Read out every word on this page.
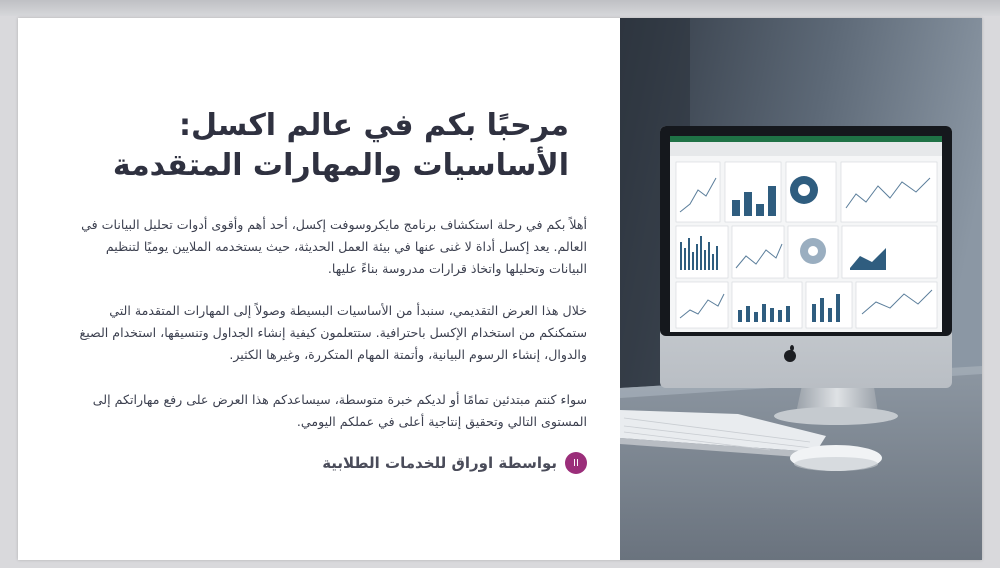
مرحبًا بكم في عالم اكسل:
الأساسيات والمهارات المتقدمة

أهلاً بكم في رحلة استكشاف برنامج مايكروسوفت إكسل، أحد أهم وأقوى أدوات تحليل البيانات في العالم. يعد إكسل أداة لا غنى عنها في بيئة العمل الحديثة، حيث يستخدمه الملايين يوميًا لتنظيم البيانات وتحليلها واتخاذ قرارات مدروسة بناءً عليها.

خلال هذا العرض التقديمي، سنبدأ من الأساسيات البسيطة وصولاً إلى المهارات المتقدمة التي ستمكنكم من استخدام الإكسل باحترافية. ستتعلمون كيفية إنشاء الجداول وتنسيقها، استخدام الصيغ والدوال، إنشاء الرسوم البيانية، وأتمتة المهام المتكررة، وغيرها الكثير.

سواء كنتم مبتدئين تمامًا أو لديكم خبرة متوسطة، سيساعدكم هذا العرض على رفع مهاراتكم إلى المستوى التالي وتحقيق إنتاجية أعلى في عملكم اليومي.

II
بواسطة اوراق للخدمات الطلابية
